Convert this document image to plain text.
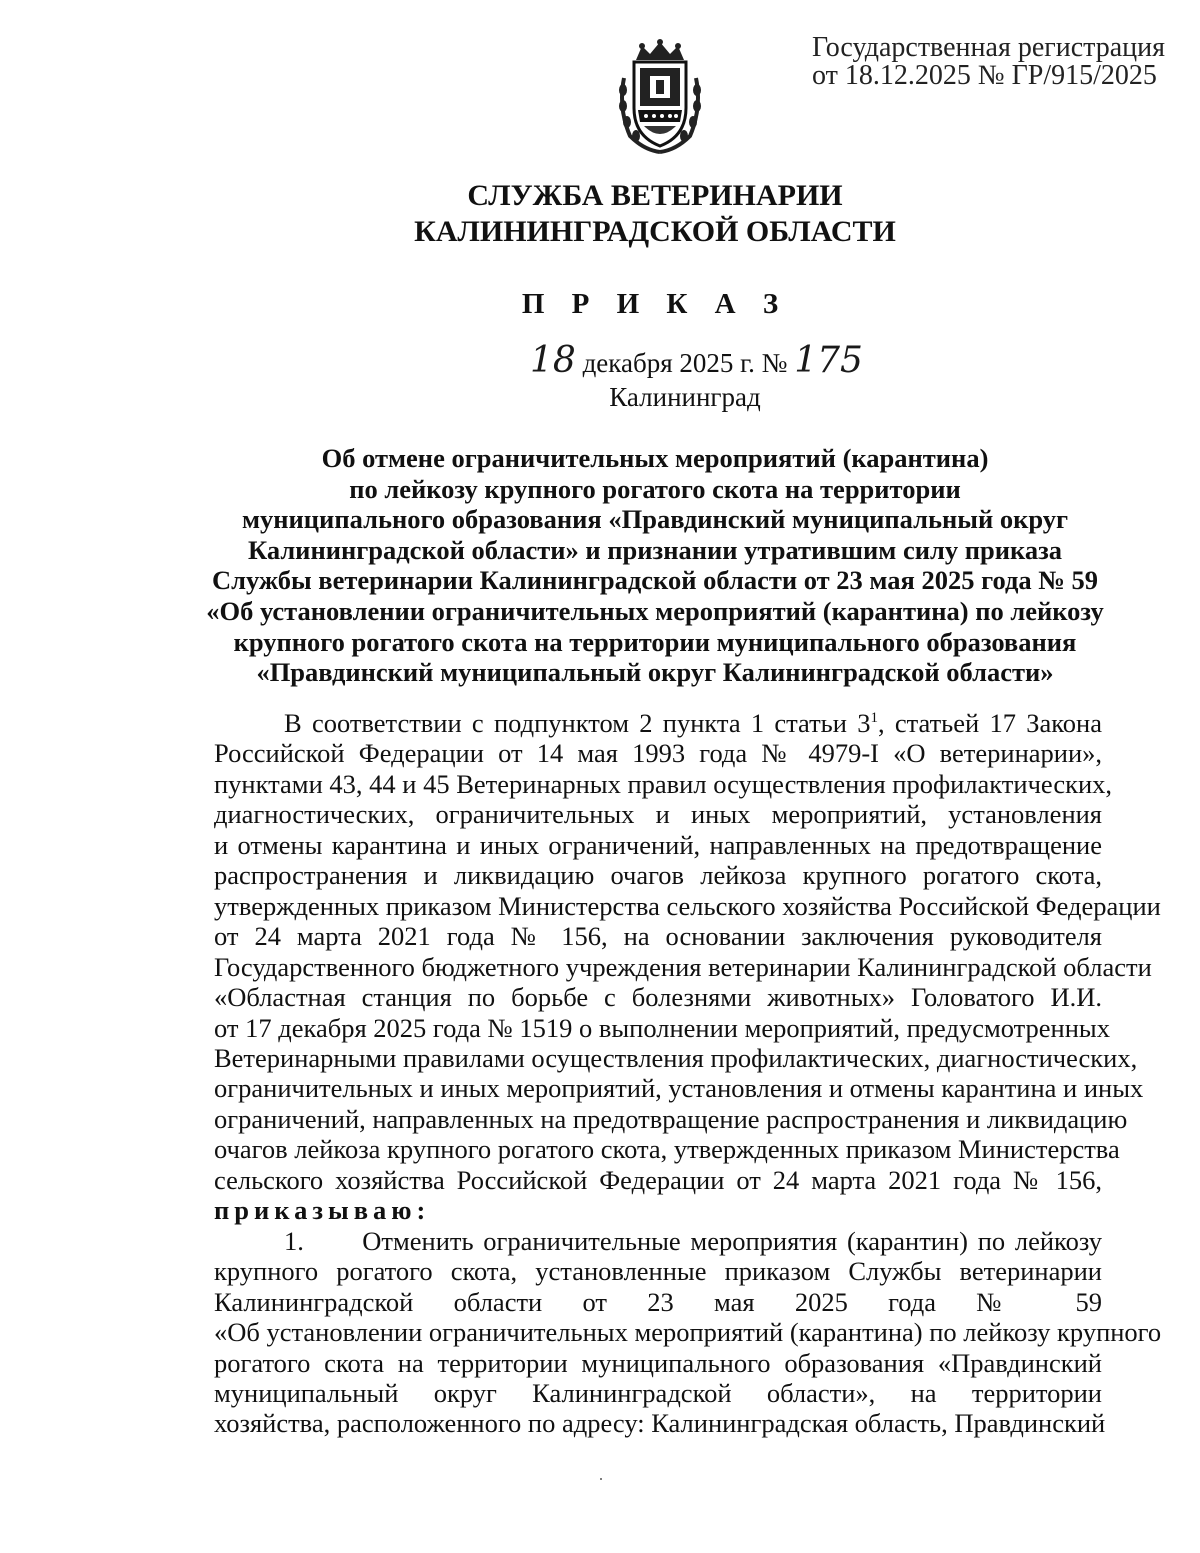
Государственная регистрация
от 18.12.2025 № ГР/915/2025
СЛУЖБА ВЕТЕРИНАРИИ
КАЛИНИНГРАДСКОЙ ОБЛАСТИ
П Р И К А З
18 декабря 2025 г. № 175
Калининград
Об отмене ограничительных мероприятий (карантина)
по лейкозу крупного рогатого скота на территории
муниципального образования «Правдинский муниципальный округ
Калининградской области» и признании утратившим силу приказа
Службы ветеринарии Калининградской области от 23 мая 2025 года № 59
«Об установлении ограничительных мероприятий (карантина) по лейкозу
крупного рогатого скота на территории муниципального образования
«Правдинский муниципальный округ Калининградской области»
В соответствии с подпунктом 2 пункта 1 статьи $3^1$, статьей 17 Закона
Российской Федерации от 14 мая 1993 года № 4979-I «О ветеринарии»,
пунктами 43, 44 и 45 Ветеринарных правил осуществления профилактических,
диагностических, ограничительных и иных мероприятий, установления
и отмены карантина и иных ограничений, направленных на предотвращение
распространения и ликвидацию очагов лейкоза крупного рогатого скота,
утвержденных приказом Министерства сельского хозяйства Российской Федерации
от 24 марта 2021 года № 156, на основании заключения руководителя
Государственного бюджетного учреждения ветеринарии Калининградской области
«Областная станция по борьбе с болезнями животных» Головатого И.И.
от 17 декабря 2025 года № 1519 о выполнении мероприятий, предусмотренных
Ветеринарными правилами осуществления профилактических, диагностических,
ограничительных и иных мероприятий, установления и отмены карантина и иных
ограничений, направленных на предотвращение распространения и ликвидацию
очагов лейкоза крупного рогатого скота, утвержденных приказом Министерства
сельского хозяйства Российской Федерации от 24 марта 2021 года № 156,
приказываю:
1. Отменить ограничительные мероприятия (карантин) по лейкозу
крупного рогатого скота, установленные приказом Службы ветеринарии
Калининградской области от 23 мая 2025 года № 59
«Об установлении ограничительных мероприятий (карантина) по лейкозу крупного
рогатого скота на территории муниципального образования «Правдинский
муниципальный округ Калининградской области», на территории
хозяйства, расположенного по адресу: Калининградская область, Правдинский
